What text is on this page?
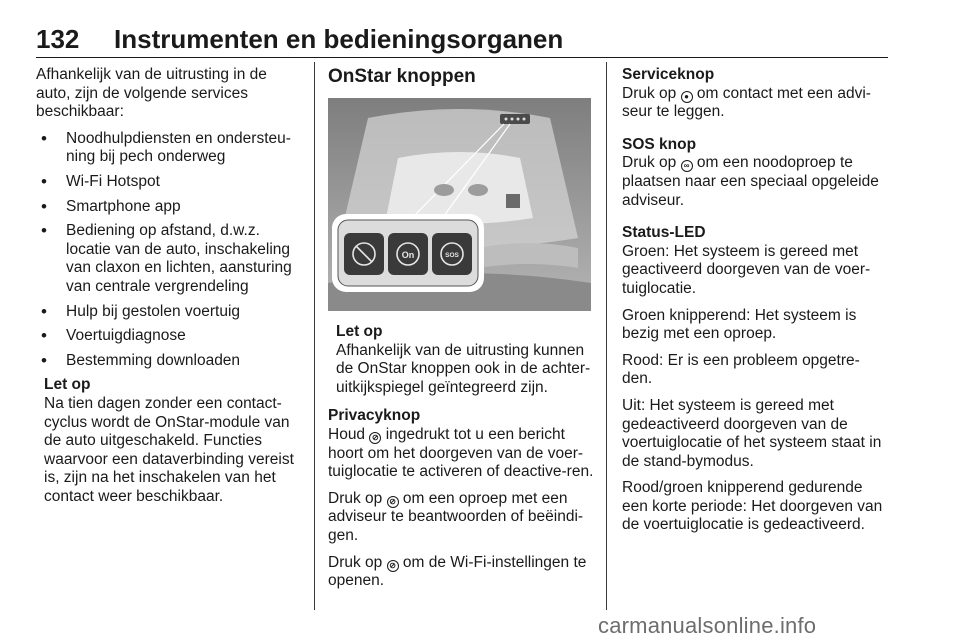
132 Instrumenten en bedieningsorganen

Afhankelijk van de uitrusting in de auto, zijn de volgende services beschikbaar:

• Noodhulpdiensten en ondersteu-ning bij pech onderweg
• Wi-Fi Hotspot
• Smartphone app
• Bediening op afstand, d.w.z. locatie van de auto, inschakeling van claxon en lichten, aansturing van centrale vergrendeling
• Hulp bij gestolen voertuig
• Voertuigdiagnose
• Bestemming downloaden
Let op
Na tien dagen zonder een contact-cyclus wordt de OnStar-module van de auto uitgeschakeld. Functies waarvoor een dataverbinding vereist is, zijn na het inschakelen van het contact weer beschikbaar.
OnStar knoppen
On	SOS
Let op
Afhankelijk van de uitrusting kunnen de OnStar knoppen ook in de achter-uitkijkspiegel geïntegreerd zijn.
Privacyknop

Houd ⊘ ingedrukt tot u een bericht hoort om het doorgeven van de voer-tuiglocatie te activeren of deactive-ren.

Druk op ⊘ om een oproep met een adviseur te beantwoorden of beëindi-gen.

Druk op ⊘ om de Wi-Fi-instellingen te openen.

Serviceknop

Druk op ● om contact met een advi-seur te leggen.

SOS knop

Druk op ∞ om een noodoproep te plaatsen naar een speciaal opgeleide adviseur.

Status-LED

Groen: Het systeem is gereed met geactiveerd doorgeven van de voer-tuiglocatie.

Groen knipperend: Het systeem is bezig met een oproep.

Rood: Er is een probleem opgetre-den.

Uit: Het systeem is gereed met gedeactiveerd doorgeven van de voertuiglocatie of het systeem staat in de stand-bymodus.

Rood/groen knipperend gedurende een korte periode: Het doorgeven van de voertuiglocatie is gedeactiveerd.

carmanualsonline.info
